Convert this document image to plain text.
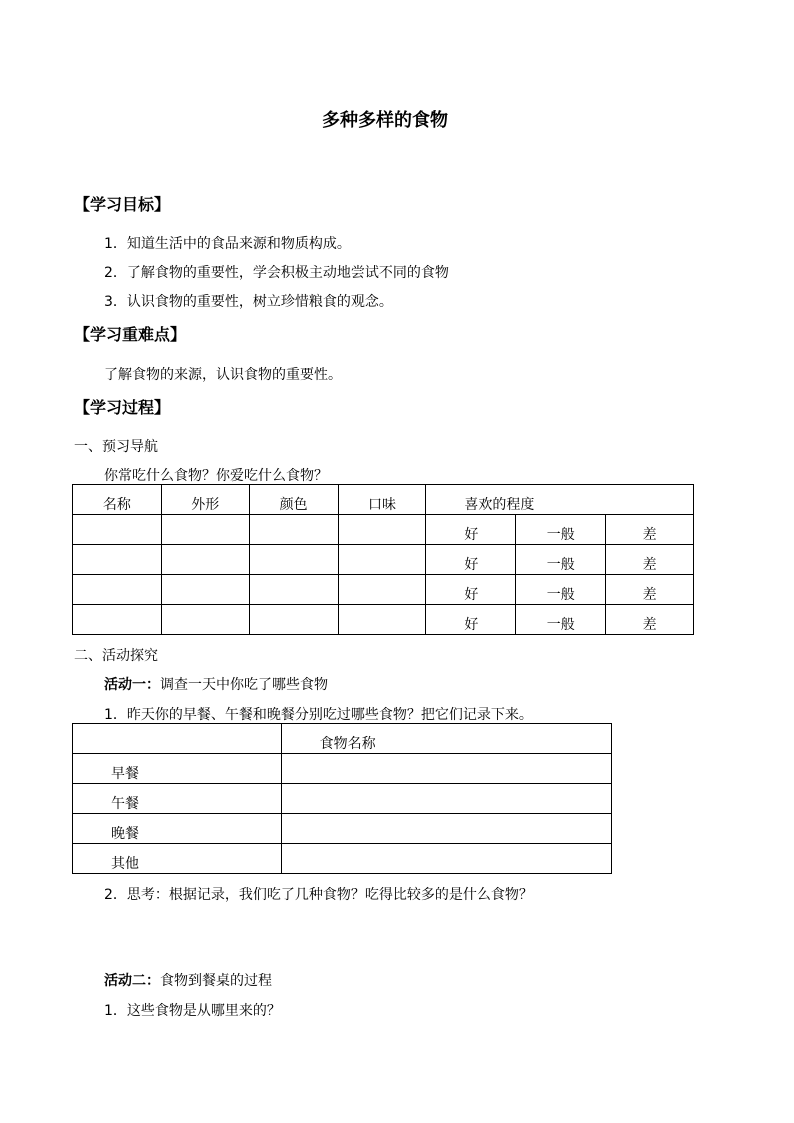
多种多样的食物
【学习目标】
1．知道生活中的食品来源和物质构成。
2．了解食物的重要性，学会积极主动地尝试不同的食物
3．认识食物的重要性，树立珍惜粮食的观念。
【学习重难点】
了解食物的来源，认识食物的重要性。
【学习过程】
一、预习导航
你常吃什么食物？你爱吃什么食物？
名称	外形	颜色	口味	喜欢的程度		
				好	一般	差
				好	一般	差
				好	一般	差
				好	一般	差
二、活动探究
活动一：调查一天中你吃了哪些食物
1．昨天你的早餐、午餐和晚餐分别吃过哪些食物？把它们记录下来。
	食物名称
早餐	
午餐	
晚餐	
其他	
2．思考：根据记录，我们吃了几种食物？吃得比较多的是什么食物？
活动二：食物到餐桌的过程
1．这些食物是从哪里来的？
